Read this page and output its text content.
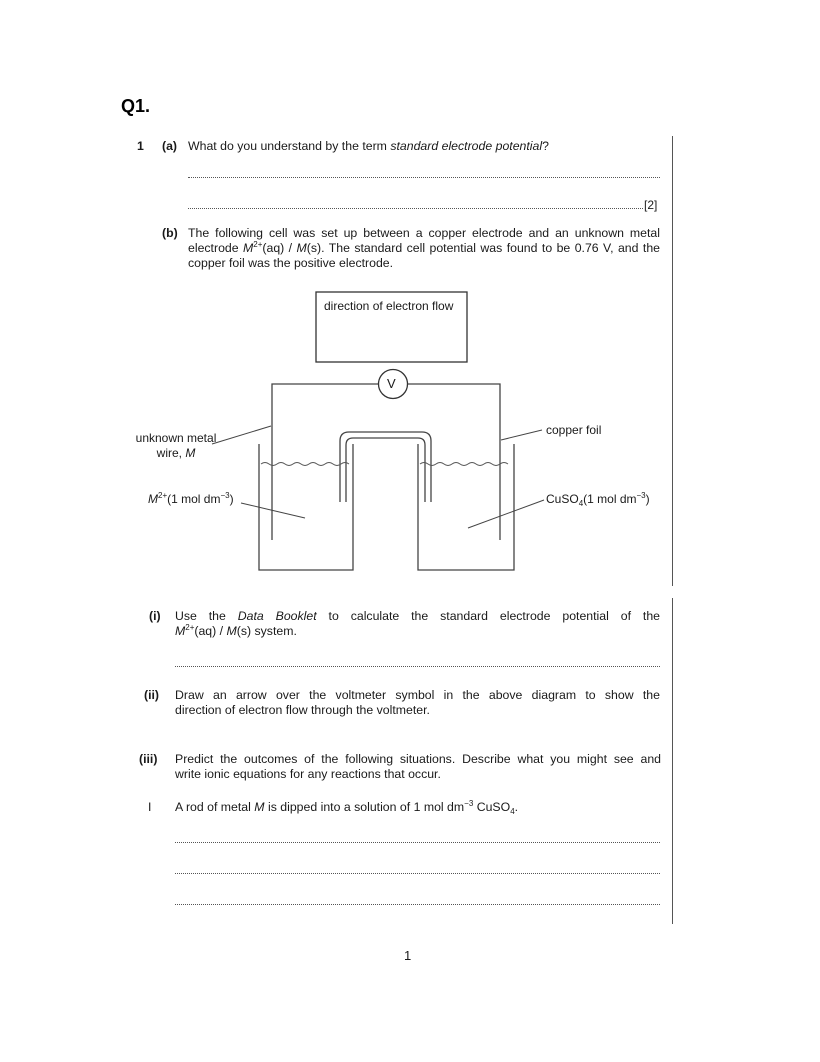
Q1.
1 (a) What do you understand by the term standard electrode potential?
[2]
(b) The following cell was set up between a copper electrode and an unknown metal
electrode $M^{2+}(aq) / M(s)$. The standard cell potential was found to be 0.76 V, and the
copper foil was the positive electrode.
direction of electron flow
V
unknown metal
wire, M
$M^{2+}(1$ mol $dm^{-3}$)
copper foil
CuSO$_4$(1 mol $dm^{-3}$)
(i) Use the Data Booklet to calculate the standard electrode potential of the
$M^{2+}(aq) / M(s)$ system.
(ii) Draw an arrow over the voltmeter symbol in the above diagram to show the
direction of electron flow through the voltmeter.
(iii) Predict the outcomes of the following situations. Describe what you might see and
write ionic equations for any reactions that occur.
I A rod of metal M is dipped into a solution of 1 mol $dm^{-3}$ CuSO$_4$.
1
